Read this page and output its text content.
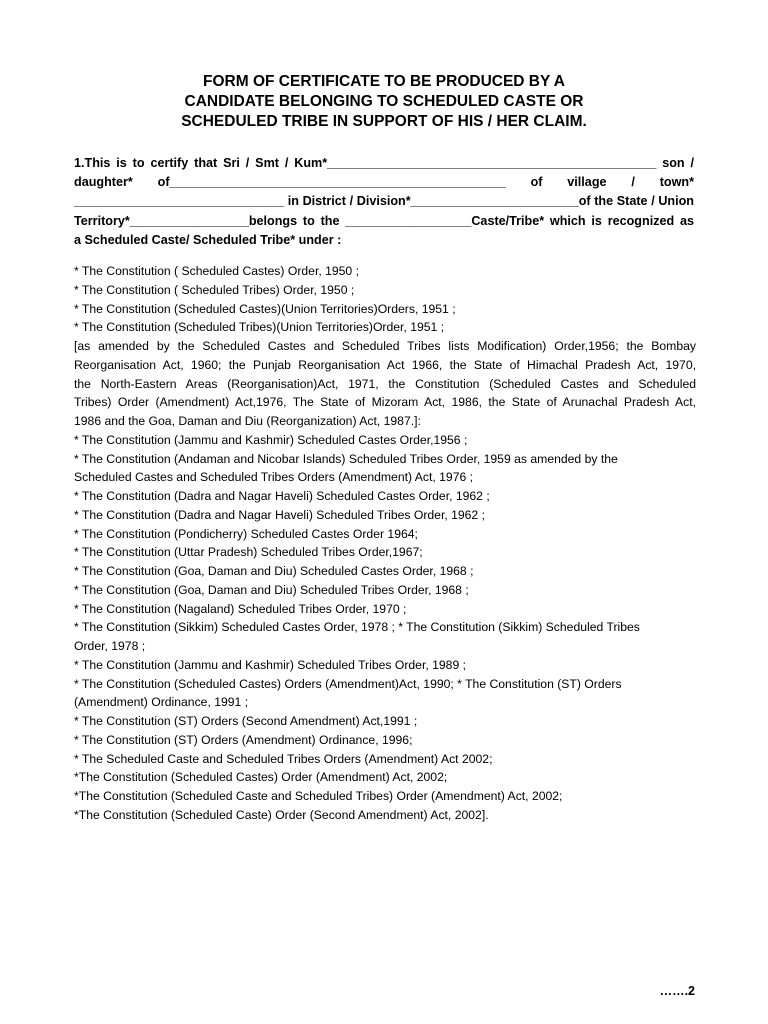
FORM OF CERTIFICATE TO BE PRODUCED BY A
CANDIDATE BELONGING TO SCHEDULED CASTE OR
SCHEDULED TRIBE IN SUPPORT OF HIS / HER CLAIM.
1.This is to certify that Sri / Smt / Kum*_______________________________________________ son /
daughter* of________________________________________________ of village / town*
______________________________ in District / Division*________________________of the State / Union
Territory*_________________belongs to the __________________Caste/Tribe* which is recognized as
a Scheduled Caste/ Scheduled Tribe* under :
* The Constitution ( Scheduled Castes) Order, 1950 ;
* The Constitution ( Scheduled Tribes) Order, 1950 ;
* The Constitution (Scheduled Castes)(Union Territories)Orders, 1951 ;
* The Constitution (Scheduled Tribes)(Union Territories)Order, 1951 ;
[as amended by the Scheduled Castes and Scheduled Tribes lists Modification) Order,1956; the Bombay
Reorganisation Act, 1960; the Punjab Reorganisation Act 1966, the State of Himachal Pradesh Act, 1970,
the North-Eastern Areas (Reorganisation)Act, 1971, the Constitution (Scheduled Castes and Scheduled
Tribes) Order (Amendment) Act,1976, The State of Mizoram Act, 1986, the State of Arunachal Pradesh Act,
1986 and the Goa, Daman and Diu (Reorganization) Act, 1987.]:
* The Constitution (Jammu and Kashmir) Scheduled Castes Order,1956 ;
* The Constitution (Andaman and Nicobar Islands) Scheduled Tribes Order, 1959 as amended by the
Scheduled Castes and Scheduled Tribes Orders (Amendment) Act, 1976 ;
* The Constitution (Dadra and Nagar Haveli) Scheduled Castes Order, 1962 ;
* The Constitution (Dadra and Nagar Haveli) Scheduled Tribes Order, 1962 ;
* The Constitution (Pondicherry) Scheduled Castes Order 1964;
* The Constitution (Uttar Pradesh) Scheduled Tribes Order,1967;
* The Constitution (Goa, Daman and Diu) Scheduled Castes Order, 1968 ;
* The Constitution (Goa, Daman and Diu) Scheduled Tribes Order, 1968 ;
* The Constitution (Nagaland) Scheduled Tribes Order, 1970 ;
* The Constitution (Sikkim) Scheduled Castes Order, 1978 ; * The Constitution (Sikkim) Scheduled Tribes
Order, 1978 ;
* The Constitution (Jammu and Kashmir) Scheduled Tribes Order, 1989 ;
* The Constitution (Scheduled Castes) Orders (Amendment)Act, 1990; * The Constitution (ST) Orders
(Amendment) Ordinance, 1991 ;
* The Constitution (ST) Orders (Second Amendment) Act,1991 ;
* The Constitution (ST) Orders (Amendment) Ordinance, 1996;
* The Scheduled Caste and Scheduled Tribes Orders (Amendment) Act 2002;
*The Constitution (Scheduled Castes) Order (Amendment) Act, 2002;
*The Constitution (Scheduled Caste and Scheduled Tribes) Order (Amendment) Act, 2002;
*The Constitution (Scheduled Caste) Order (Second Amendment) Act, 2002].
…….2
